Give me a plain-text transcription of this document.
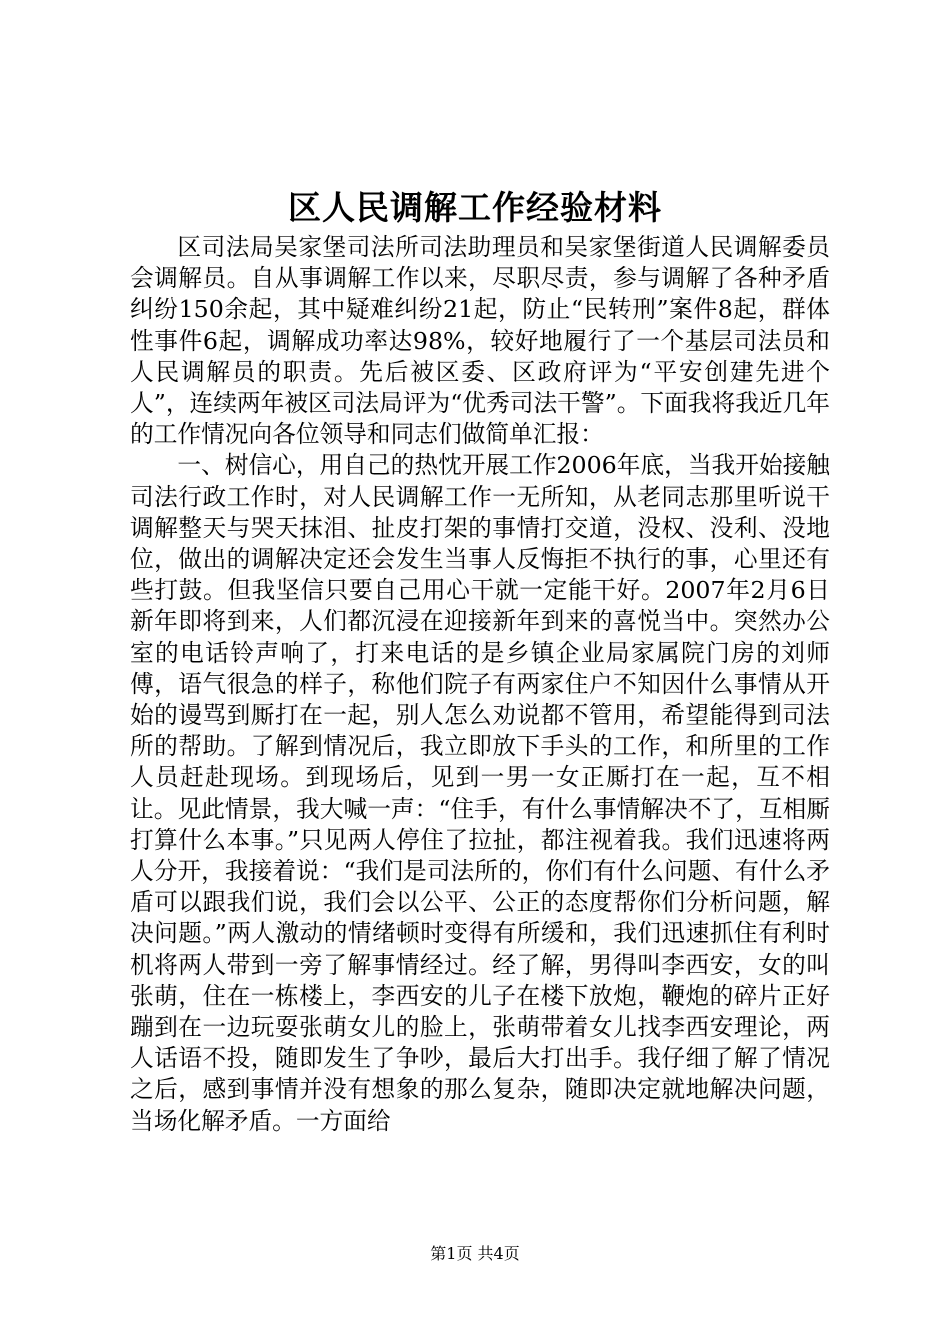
区人民调解工作经验材料

区司法局吴家堡司法所司法助理员和吴家堡街道人民调解委员会调解员。自从事调解工作以来，尽职尽责，参与调解了各种矛盾纠纷150余起，其中疑难纠纷21起，防止“民转刑”案件8起，群体性事件6起，调解成功率达98%，较好地履行了一个基层司法员和人民调解员的职责。先后被区委、区政府评为“平安创建先进个人”，连续两年被区司法局评为“优秀司法干警”。下面我将我近几年的工作情况向各位领导和同志们做简单汇报：

一、树信心，用自己的热忱开展工作2006年底，当我开始接触司法行政工作时，对人民调解工作一无所知，从老同志那里听说干调解整天与哭天抹泪、扯皮打架的事情打交道，没权、没利、没地位，做出的调解决定还会发生当事人反悔拒不执行的事，心里还有些打鼓。但我坚信只要自己用心干就一定能干好。2007年2月6日新年即将到来，人们都沉浸在迎接新年到来的喜悦当中。突然办公室的电话铃声响了，打来电话的是乡镇企业局家属院门房的刘师傅，语气很急的样子，称他们院子有两家住户不知因什么事情从开始的谩骂到厮打在一起，别人怎么劝说都不管用，希望能得到司法所的帮助。了解到情况后，我立即放下手头的工作，和所里的工作人员赶赴现场。到现场后，见到一男一女正厮打在一起，互不相让。见此情景，我大喊一声：“住手，有什么事情解决不了，互相厮打算什么本事。”只见两人停住了拉扯，都注视着我。我们迅速将两人分开，我接着说：“我们是司法所的，你们有什么问题、有什么矛盾可以跟我们说，我们会以公平、公正的态度帮你们分析问题，解决问题。”两人激动的情绪顿时变得有所缓和，我们迅速抓住有利时机将两人带到一旁了解事情经过。经了解，男得叫李西安，女的叫张萌，住在一栋楼上，李西安的儿子在楼下放炮，鞭炮的碎片正好蹦到在一边玩耍张萌女儿的脸上，张萌带着女儿找李西安理论，两人话语不投，随即发生了争吵，最后大打出手。我仔细了解了情况之后，感到事情并没有想象的那么复杂，随即决定就地解决问题，当场化解矛盾。一方面给

第1页 共4页
